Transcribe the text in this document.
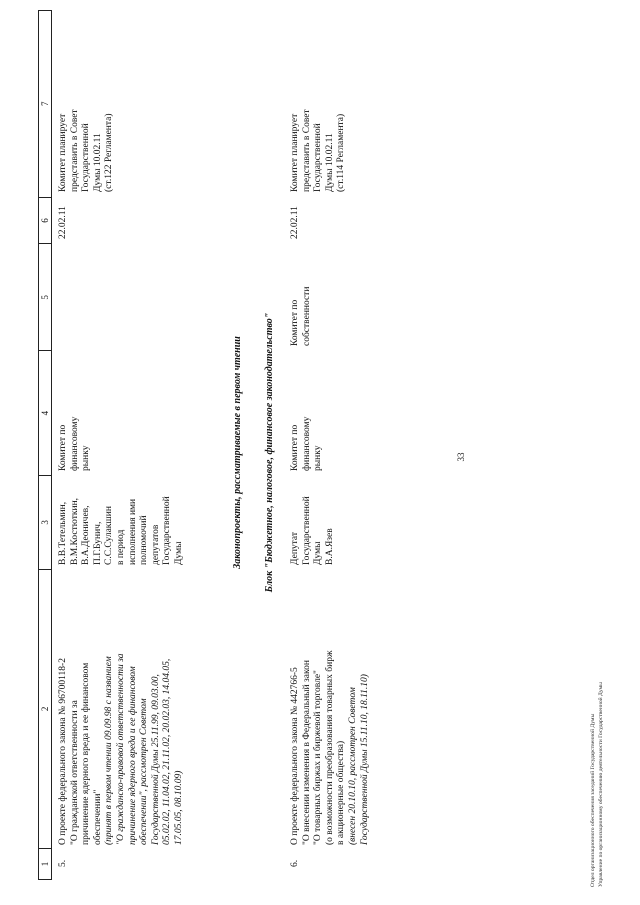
33
1
2
3
4
5
6
7
5.
О проекте федерального закона № 96700118-2 "О гражданской ответственности за причинение ядерного вреда и ее финансовом обеспечении" (принят в первом чтении 09.09.98 с названием "О гражданско-правовой ответственности за причинение ядерного вреда и ее финансовом обеспечении", рассмотрен Советом Государственной Думы 25.11.99, 09.03.00, 05.02.02, 11.04.02, 21.11.02, 20.02.03, 14.04.05, 17.05.05, 08.10.09)
В.В.Тетельмин, В.М.Костюткин, В.А.Деоничев, П.Г.Бунич, С.С.Сулакшин в период исполнения ими полномочий депутатов Государственной Думы
Комитет по финансовому рынку
22.02.11
Комитет планирует представить в Совет Государственной Думы 10.02.11 (ст.122 Регламента)
Законопроекты, рассматриваемые в первом чтении Блок "Бюджетное, налоговое, финансовое законодательство"
6.
О проекте федерального закона № 442766-5 "О внесении изменения в Федеральный закон "О товарных биржах и биржевой торговле" (о возможности преобразования товарных бирж в акционерные общества) (внесен 20.10.10, рассмотрен Советом Государственной Думы 15.11.10, 18.11.10)
Депутат Государственной Думы В.А.Язев
Комитет по финансовому рынку
Комитет по собственности
22.02.11
Комитет планирует представить в Совет Государственной Думы 10.02.11 (ст.114 Регламента)
Отдел организационного обеспечения заседаний Государственной Думы Управление по организационному обеспечению деятельности Государственной Думы
